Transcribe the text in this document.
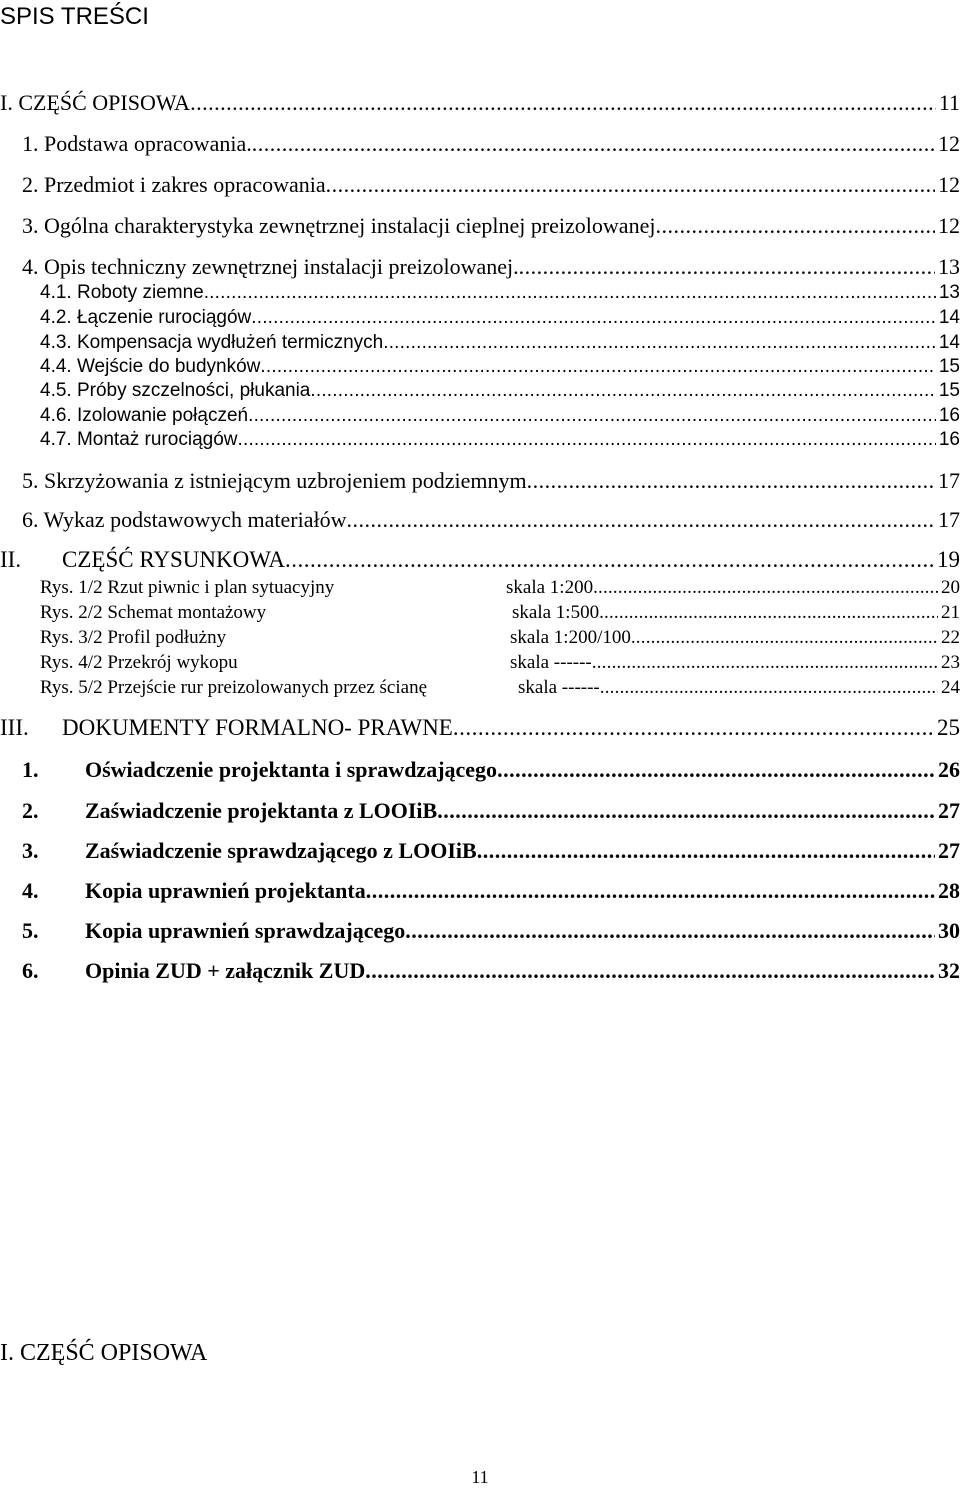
SPIS TREŚCI
I. CZĘŚĆ OPISOWA .....	11
1. Podstawa opracowania. .....	12
2. Przedmiot i zakres opracowania .....	12
3. Ogólna charakterystyka zewnętrznej instalacji cieplnej preizolowanej .....	12
4. Opis techniczny zewnętrznej instalacji preizolowanej. .....	13
4.1. Roboty ziemne .....	13
4.2. Łączenie rurociągów .....	14
4.3. Kompensacja wydłużeń termicznych .....	14
4.4. Wejście do budynków .....	15
4.5. Próby szczelności, płukania .....	15
4.6. Izolowanie połączeń .....	16
4.7. Montaż rurociągów .....	16
5. Skrzyżowania z istniejącym uzbrojeniem podziemnym .....	17
6. Wykaz podstawowych materiałów .....	17
II.	CZĘŚĆ RYSUNKOWA .....	19
Rys. 1/2 Rzut piwnic i plan sytuacyjny	skala 1:200 .....	20
Rys. 2/2 Schemat montażowy	skala 1:500 .....	21
Rys. 3/2 Profil podłużny	skala 1:200/100 .....	22
Rys. 4/2 Przekrój wykopu	skala ------ .....	23
Rys. 5/2 Przejście rur preizolowanych przez ścianę	skala ------ .....	24
III.	DOKUMENTY FORMALNO- PRAWNE .....	25
1.	Oświadczenie projektanta i sprawdzającego .....	26
2.	Zaświadczenie projektanta z LOOIiB .....	27
3.	Zaświadczenie sprawdzającego z LOOIiB .....	27
4.	Kopia uprawnień projektanta .....	28
5.	Kopia uprawnień sprawdzającego .....	30
6.	Opinia ZUD + załącznik ZUD .....	32
I. CZĘŚĆ OPISOWA
11
